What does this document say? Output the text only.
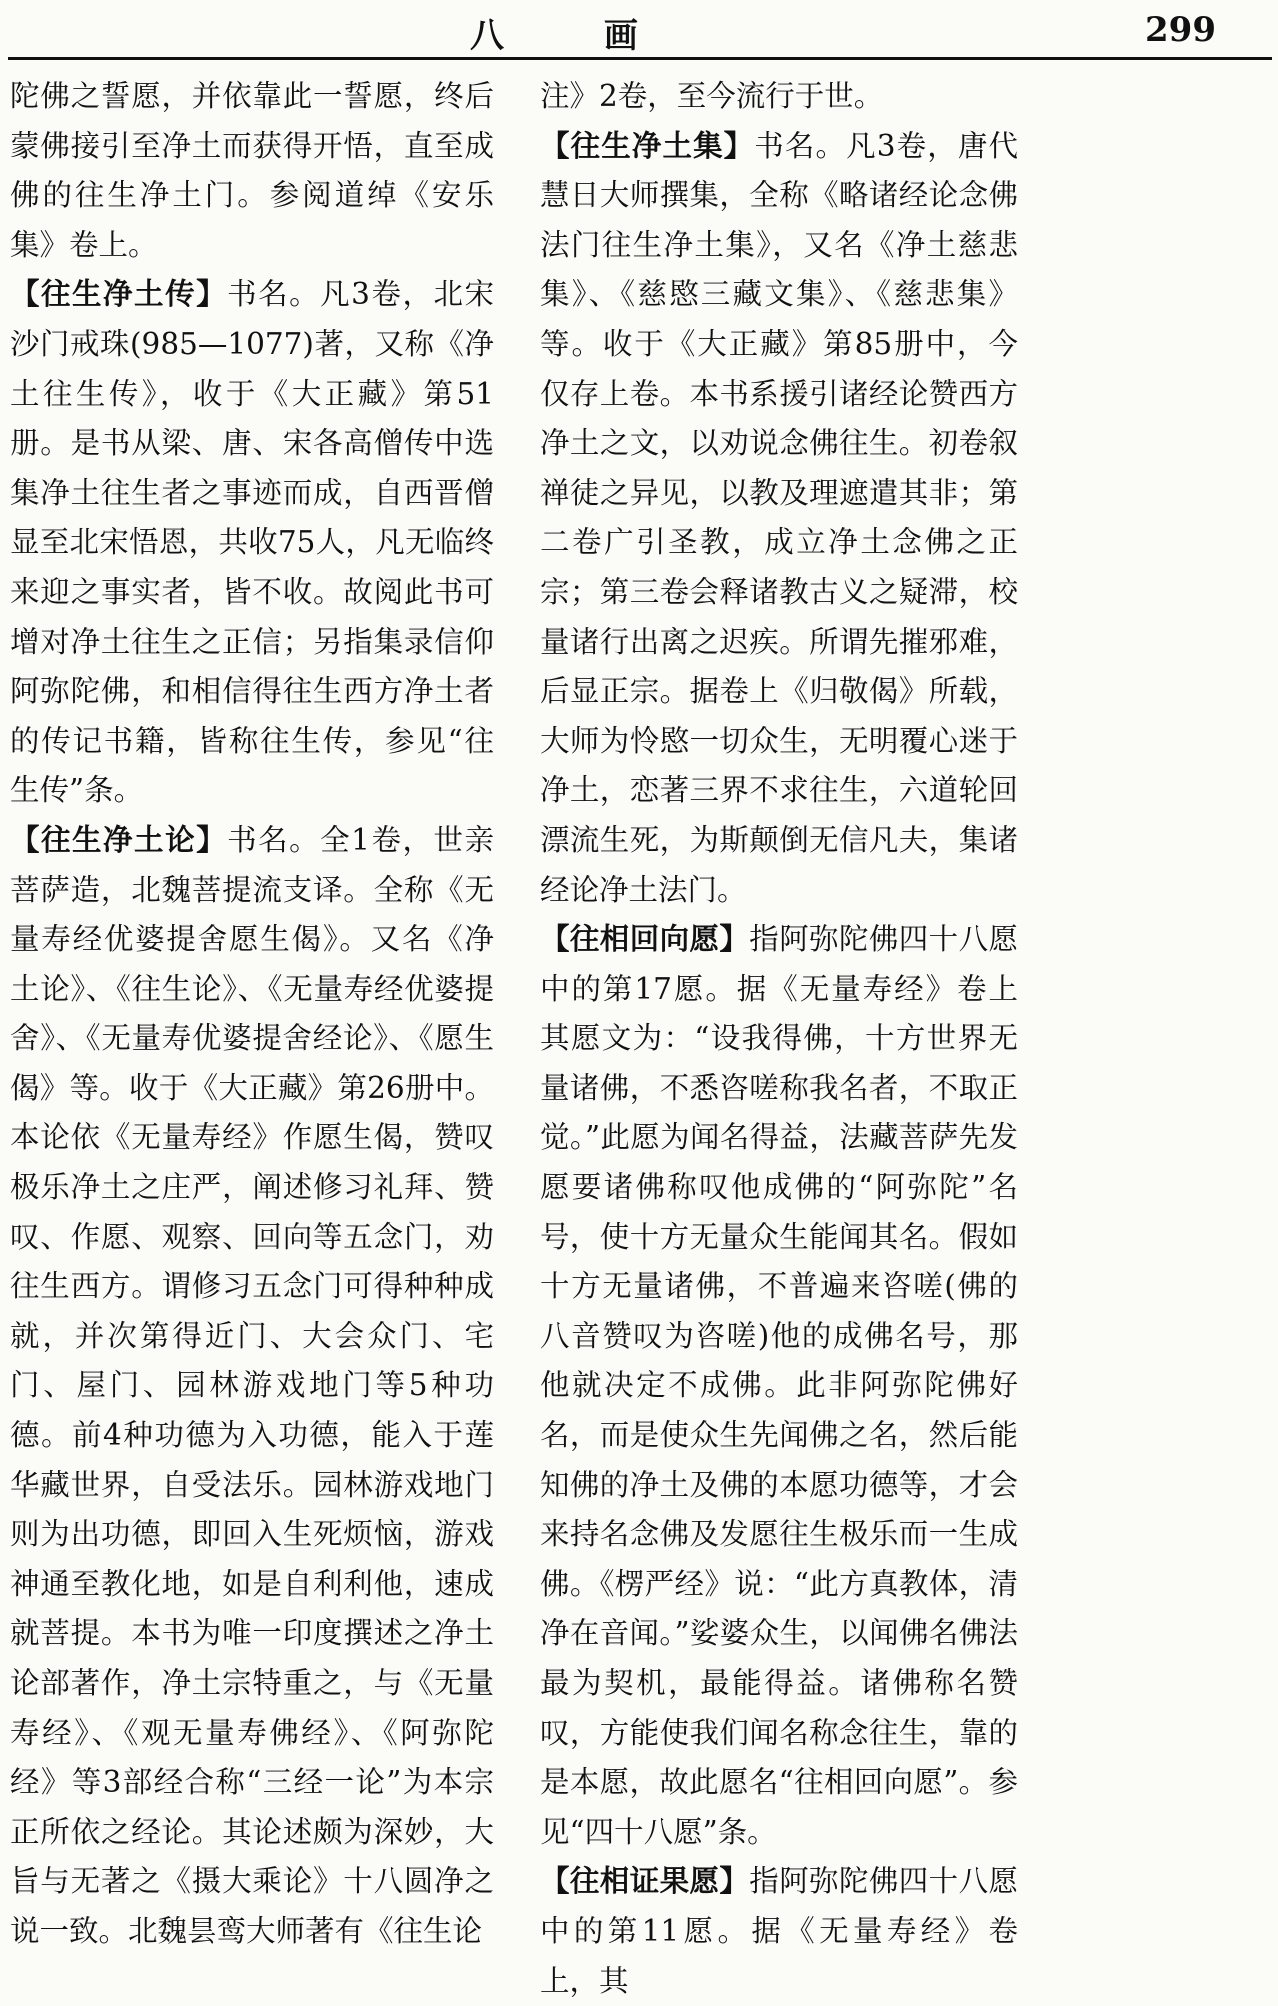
八 画	299

陀佛之誓愿，并依靠此一誓愿，终后蒙佛接引至净土而获得开悟，直至成佛的往生净土门。参阅道绰《安乐集》卷上。

【往生净土传】书名。凡3卷，北宋沙门戒珠(985—1077)著，又称《净土往生传》，收于《大正藏》第51册。是书从梁、唐、宋各高僧传中选集净土往生者之事迹而成，自西晋僧显至北宋悟恩，共收75人，凡无临终来迎之事实者，皆不收。故阅此书可增对净土往生之正信；另指集录信仰阿弥陀佛，和相信得往生西方净土者的传记书籍，皆称往生传，参见“往生传”条。

【往生净土论】书名。全1卷，世亲菩萨造，北魏菩提流支译。全称《无量寿经优婆提舍愿生偈》。又名《净土论》、《往生论》、《无量寿经优婆提舍》、《无量寿优婆提舍经论》、《愿生偈》等。收于《大正藏》第26册中。本论依《无量寿经》作愿生偈，赞叹极乐净土之庄严，阐述修习礼拜、赞叹、作愿、观察、回向等五念门，劝往生西方。谓修习五念门可得种种成就，并次第得近门、大会众门、宅门、屋门、园林游戏地门等5种功德。前4种功德为入功德，能入于莲华藏世界，自受法乐。园林游戏地门则为出功德，即回入生死烦恼，游戏神通至教化地，如是自利利他，速成就菩提。本书为唯一印度撰述之净土论部著作，净土宗特重之，与《无量寿经》、《观无量寿佛经》、《阿弥陀经》等3部经合称“三经一论”为本宗正所依之经论。其论述颇为深妙，大旨与无著之《摄大乘论》十八圆净之说一致。北魏昙鸾大师著有《往生论

注》2卷，至今流行于世。

【往生净土集】书名。凡3卷，唐代慧日大师撰集，全称《略诸经论念佛法门往生净土集》，又名《净土慈悲集》、《慈愍三藏文集》、《慈悲集》等。收于《大正藏》第85册中，今仅存上卷。本书系援引诸经论赞西方净土之文，以劝说念佛往生。初卷叙禅徒之异见，以教及理遮遣其非；第二卷广引圣教，成立净土念佛之正宗；第三卷会释诸教古义之疑滞，校量诸行出离之迟疾。所谓先摧邪难，后显正宗。据卷上《归敬偈》所载，大师为怜愍一切众生，无明覆心迷于净土，恋著三界不求往生，六道轮回漂流生死，为斯颠倒无信凡夫，集诸经论净土法门。

【往相回向愿】指阿弥陀佛四十八愿中的第17愿。据《无量寿经》卷上其愿文为：“设我得佛，十方世界无量诸佛，不悉咨嗟称我名者，不取正觉。”此愿为闻名得益，法藏菩萨先发愿要诸佛称叹他成佛的“阿弥陀”名号，使十方无量众生能闻其名。假如十方无量诸佛，不普遍来咨嗟(佛的八音赞叹为咨嗟)他的成佛名号，那他就决定不成佛。此非阿弥陀佛好名，而是使众生先闻佛之名，然后能知佛的净土及佛的本愿功德等，才会来持名念佛及发愿往生极乐而一生成佛。《楞严经》说：“此方真教体，清净在音闻。”娑婆众生，以闻佛名佛法最为契机，最能得益。诸佛称名赞叹，方能使我们闻名称念往生，靠的是本愿，故此愿名“往相回向愿”。参见“四十八愿”条。

【往相证果愿】指阿弥陀佛四十八愿中的第11愿。据《无量寿经》卷上，其
